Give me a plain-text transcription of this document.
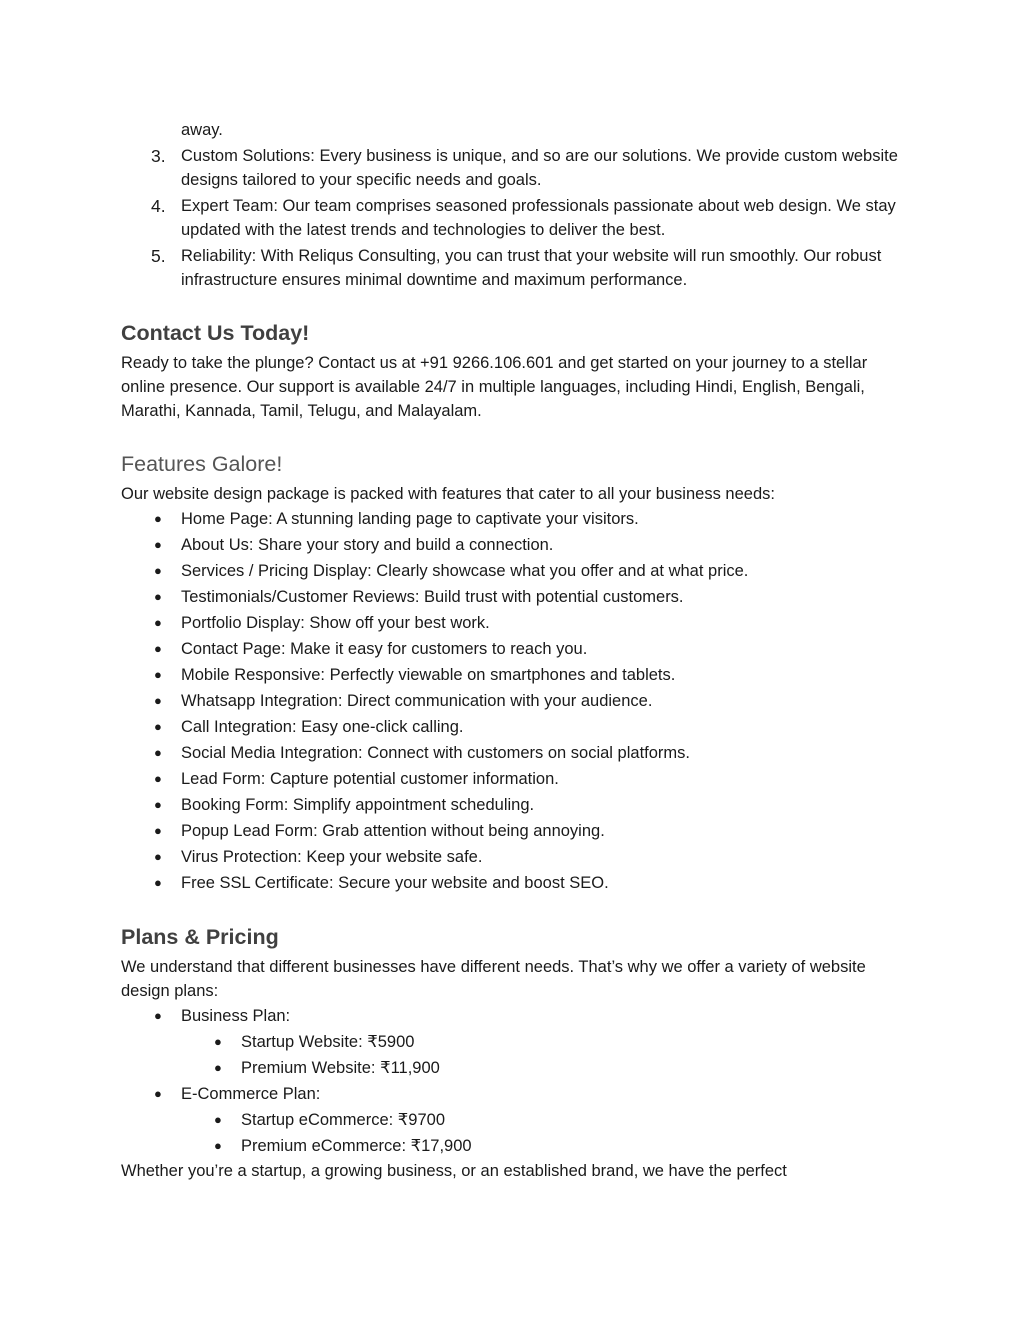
away.

3. Custom Solutions: Every business is unique, and so are our solutions. We provide custom website designs tailored to your specific needs and goals.
4. Expert Team: Our team comprises seasoned professionals passionate about web design. We stay updated with the latest trends and technologies to deliver the best.
5. Reliability: With Reliqus Consulting, you can trust that your website will run smoothly. Our robust infrastructure ensures minimal downtime and maximum performance.
Contact Us Today!

Ready to take the plunge? Contact us at +91 9266.106.601 and get started on your journey to a stellar online presence. Our support is available 24/7 in multiple languages, including Hindi, English, Bengali, Marathi, Kannada, Tamil, Telugu, and Malayalam.

Features Galore!

Our website design package is packed with features that cater to all your business needs:

● Home Page: A stunning landing page to captivate your visitors.
● About Us: Share your story and build a connection.
● Services / Pricing Display: Clearly showcase what you offer and at what price.
● Testimonials/Customer Reviews: Build trust with potential customers.
● Portfolio Display: Show off your best work.
● Contact Page: Make it easy for customers to reach you.
● Mobile Responsive: Perfectly viewable on smartphones and tablets.
● Whatsapp Integration: Direct communication with your audience.
● Call Integration: Easy one-click calling.
● Social Media Integration: Connect with customers on social platforms.
● Lead Form: Capture potential customer information.
● Booking Form: Simplify appointment scheduling.
● Popup Lead Form: Grab attention without being annoying.
● Virus Protection: Keep your website safe.
● Free SSL Certificate: Secure your website and boost SEO.
Plans & Pricing

We understand that different businesses have different needs. That’s why we offer a variety of website design plans:

● Business Plan:
● Startup Website: ₹5900
● Premium Website: ₹11,900
● E-Commerce Plan:
● Startup eCommerce: ₹9700
● Premium eCommerce: ₹17,900

Whether you’re a startup, a growing business, or an established brand, we have the perfect
